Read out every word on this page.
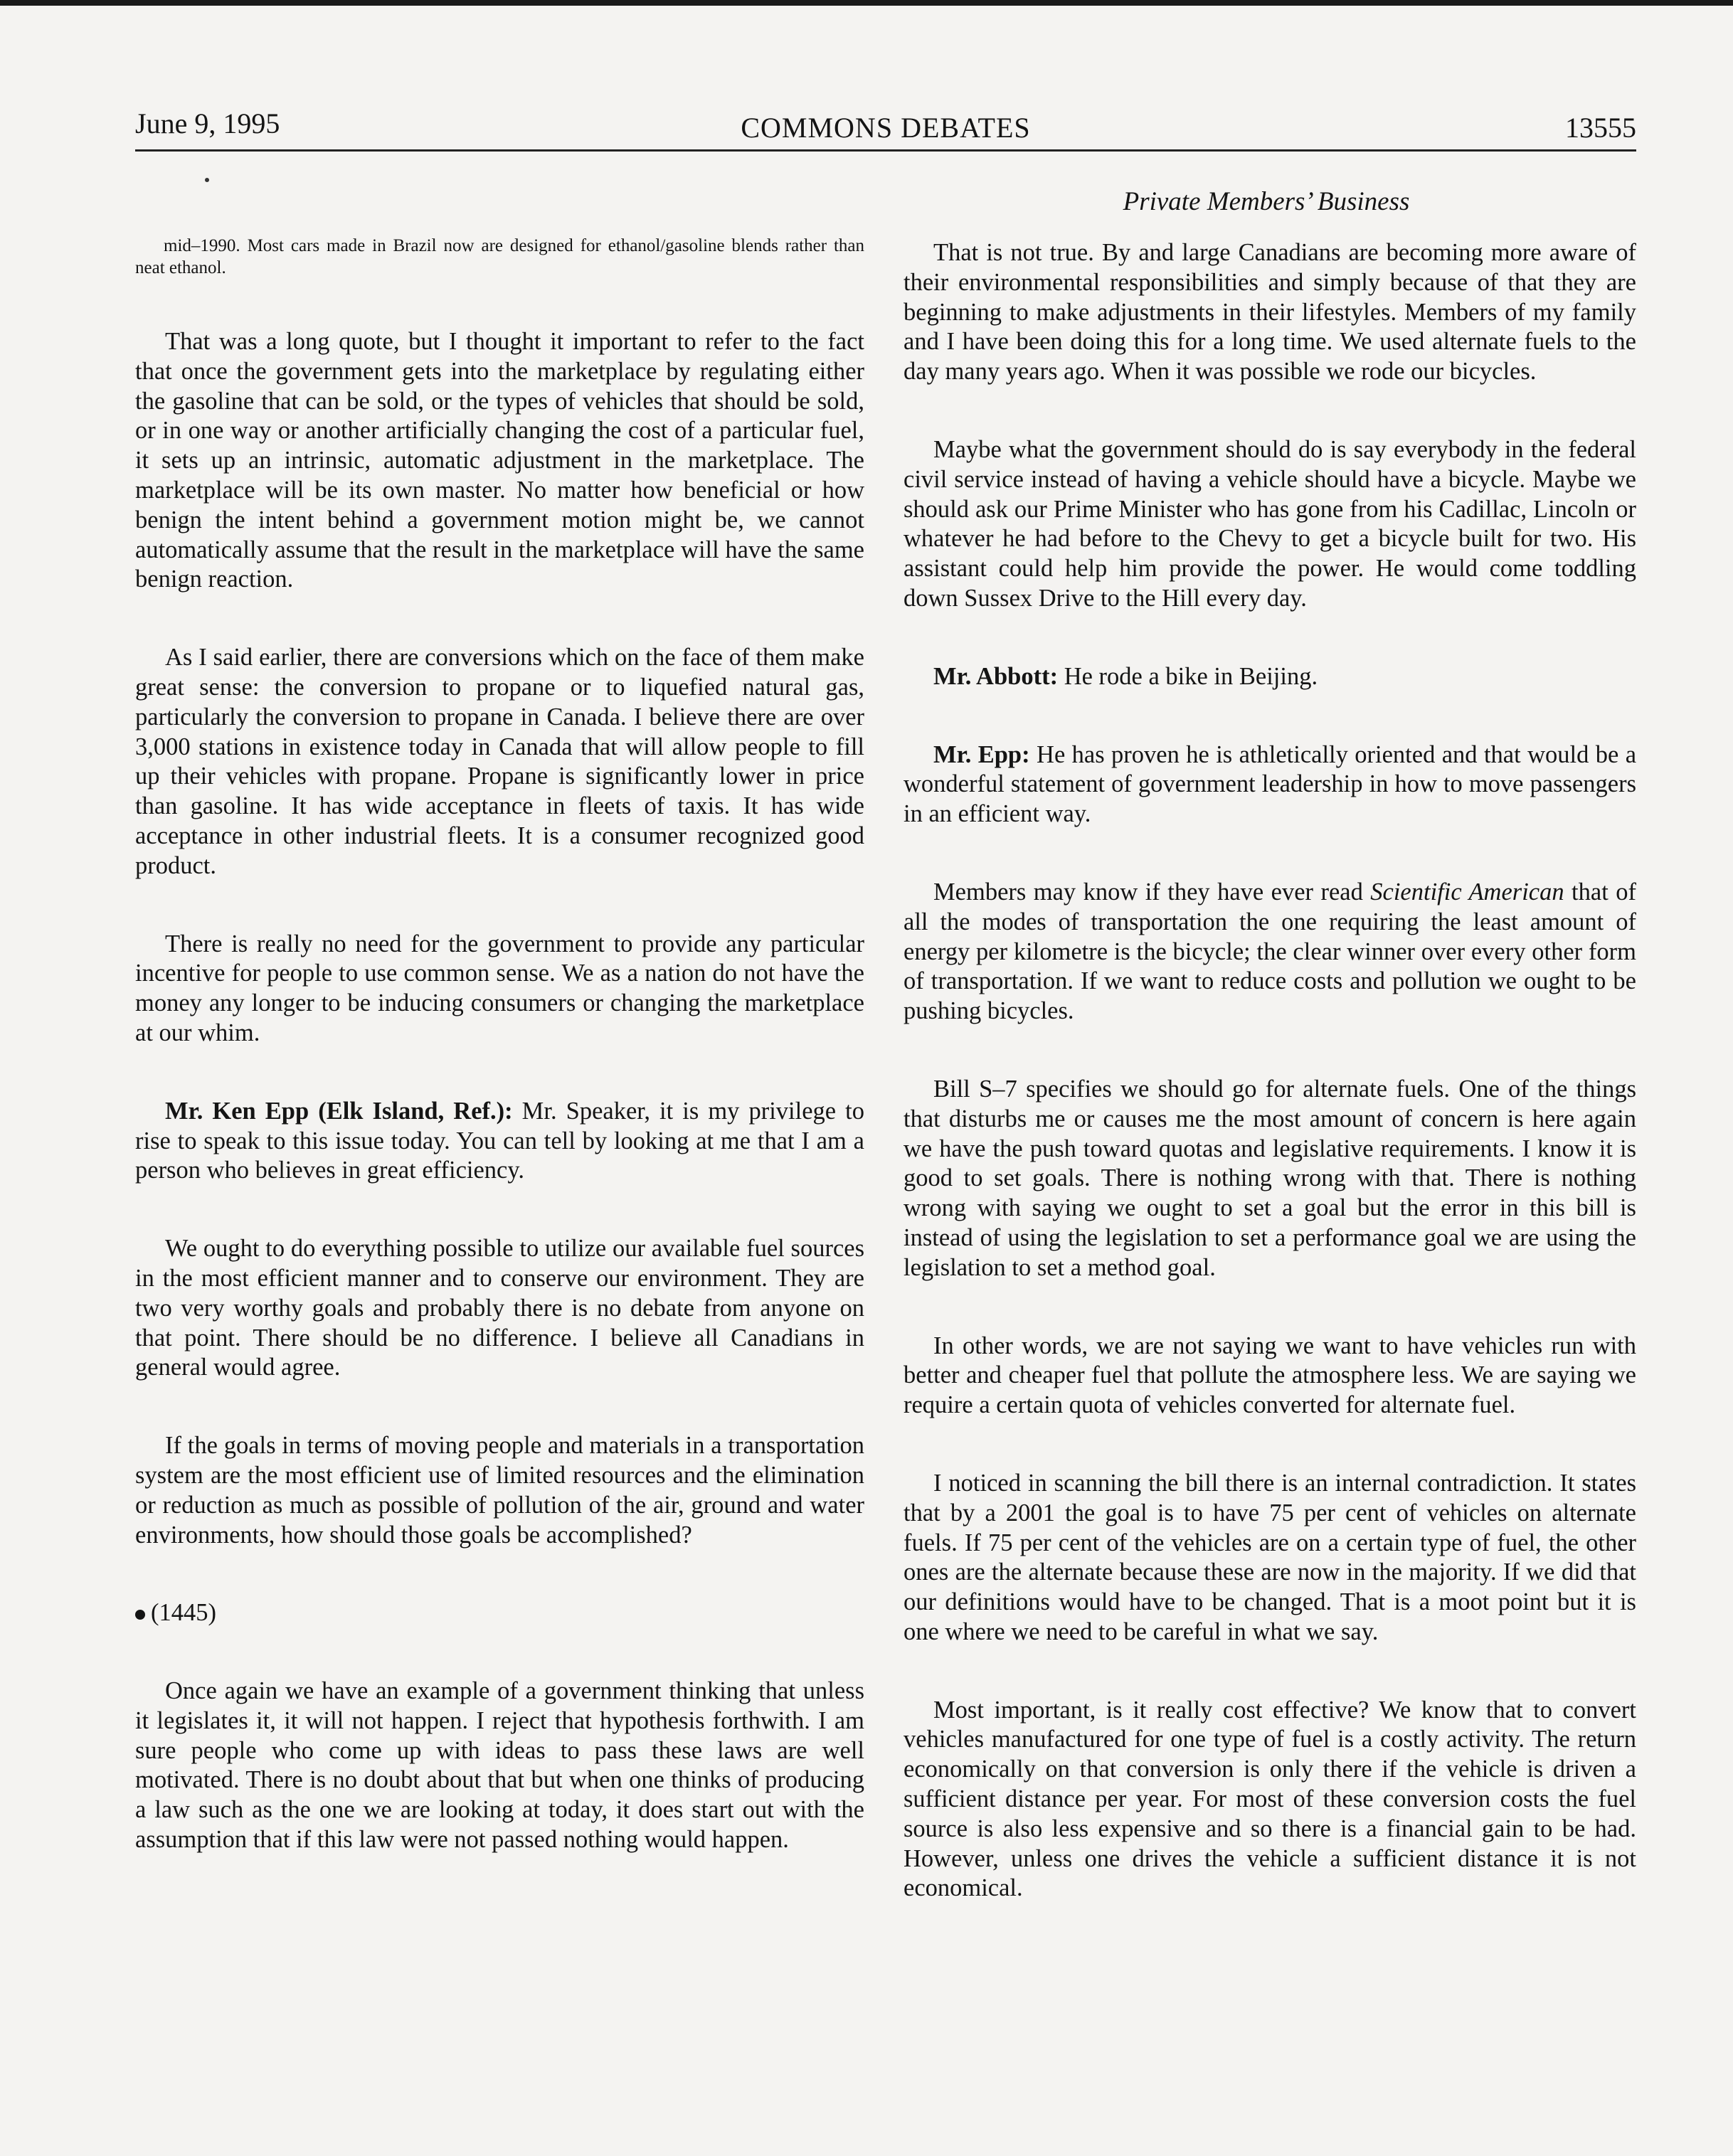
June 9, 1995	COMMONS DEBATES	13555
Private Members’ Business

mid–1990. Most cars made in Brazil now are designed for ethanol/gasoline blends rather than neat ethanol.

That was a long quote, but I thought it important to refer to the fact that once the government gets into the marketplace by regulating either the gasoline that can be sold, or the types of vehicles that should be sold, or in one way or another artificially changing the cost of a particular fuel, it sets up an intrinsic, automatic adjustment in the marketplace. The marketplace will be its own master. No matter how beneficial or how benign the intent behind a government motion might be, we cannot automatically assume that the result in the marketplace will have the same benign reaction.

As I said earlier, there are conversions which on the face of them make great sense: the conversion to propane or to liquefied natural gas, particularly the conversion to propane in Canada. I believe there are over 3,000 stations in existence today in Canada that will allow people to fill up their vehicles with propane. Propane is significantly lower in price than gasoline. It has wide acceptance in fleets of taxis. It has wide acceptance in other industrial fleets. It is a consumer recognized good product.

There is really no need for the government to provide any particular incentive for people to use common sense. We as a nation do not have the money any longer to be inducing consumers or changing the marketplace at our whim.

Mr. Ken Epp (Elk Island, Ref.): Mr. Speaker, it is my privilege to rise to speak to this issue today. You can tell by looking at me that I am a person who believes in great efficiency.

We ought to do everything possible to utilize our available fuel sources in the most efficient manner and to conserve our environment. They are two very worthy goals and probably there is no debate from anyone on that point. There should be no difference. I believe all Canadians in general would agree.

If the goals in terms of moving people and materials in a transportation system are the most efficient use of limited resources and the elimination or reduction as much as possible of pollution of the air, ground and water environments, how should those goals be accomplished?

(1445)

Once again we have an example of a government thinking that unless it legislates it, it will not happen. I reject that hypothesis forthwith. I am sure people who come up with ideas to pass these laws are well motivated. There is no doubt about that but when one thinks of producing a law such as the one we are looking at today, it does start out with the assumption that if this law were not passed nothing would happen.

That is not true. By and large Canadians are becoming more aware of their environmental responsibilities and simply because of that they are beginning to make adjustments in their lifestyles. Members of my family and I have been doing this for a long time. We used alternate fuels to the day many years ago. When it was possible we rode our bicycles.

Maybe what the government should do is say everybody in the federal civil service instead of having a vehicle should have a bicycle. Maybe we should ask our Prime Minister who has gone from his Cadillac, Lincoln or whatever he had before to the Chevy to get a bicycle built for two. His assistant could help him provide the power. He would come toddling down Sussex Drive to the Hill every day.

Mr. Abbott: He rode a bike in Beijing.

Mr. Epp: He has proven he is athletically oriented and that would be a wonderful statement of government leadership in how to move passengers in an efficient way.

Members may know if they have ever read Scientific American that of all the modes of transportation the one requiring the least amount of energy per kilometre is the bicycle; the clear winner over every other form of transportation. If we want to reduce costs and pollution we ought to be pushing bicycles.

Bill S–7 specifies we should go for alternate fuels. One of the things that disturbs me or causes me the most amount of concern is here again we have the push toward quotas and legislative requirements. I know it is good to set goals. There is nothing wrong with that. There is nothing wrong with saying we ought to set a goal but the error in this bill is instead of using the legislation to set a performance goal we are using the legislation to set a method goal.

In other words, we are not saying we want to have vehicles run with better and cheaper fuel that pollute the atmosphere less. We are saying we require a certain quota of vehicles converted for alternate fuel.

I noticed in scanning the bill there is an internal contradiction. It states that by a 2001 the goal is to have 75 per cent of vehicles on alternate fuels. If 75 per cent of the vehicles are on a certain type of fuel, the other ones are the alternate because these are now in the majority. If we did that our definitions would have to be changed. That is a moot point but it is one where we need to be careful in what we say.

Most important, is it really cost effective? We know that to convert vehicles manufactured for one type of fuel is a costly activity. The return economically on that conversion is only there if the vehicle is driven a sufficient distance per year. For most of these conversion costs the fuel source is also less expensive and so there is a financial gain to be had. However, unless one drives the vehicle a sufficient distance it is not economical.
